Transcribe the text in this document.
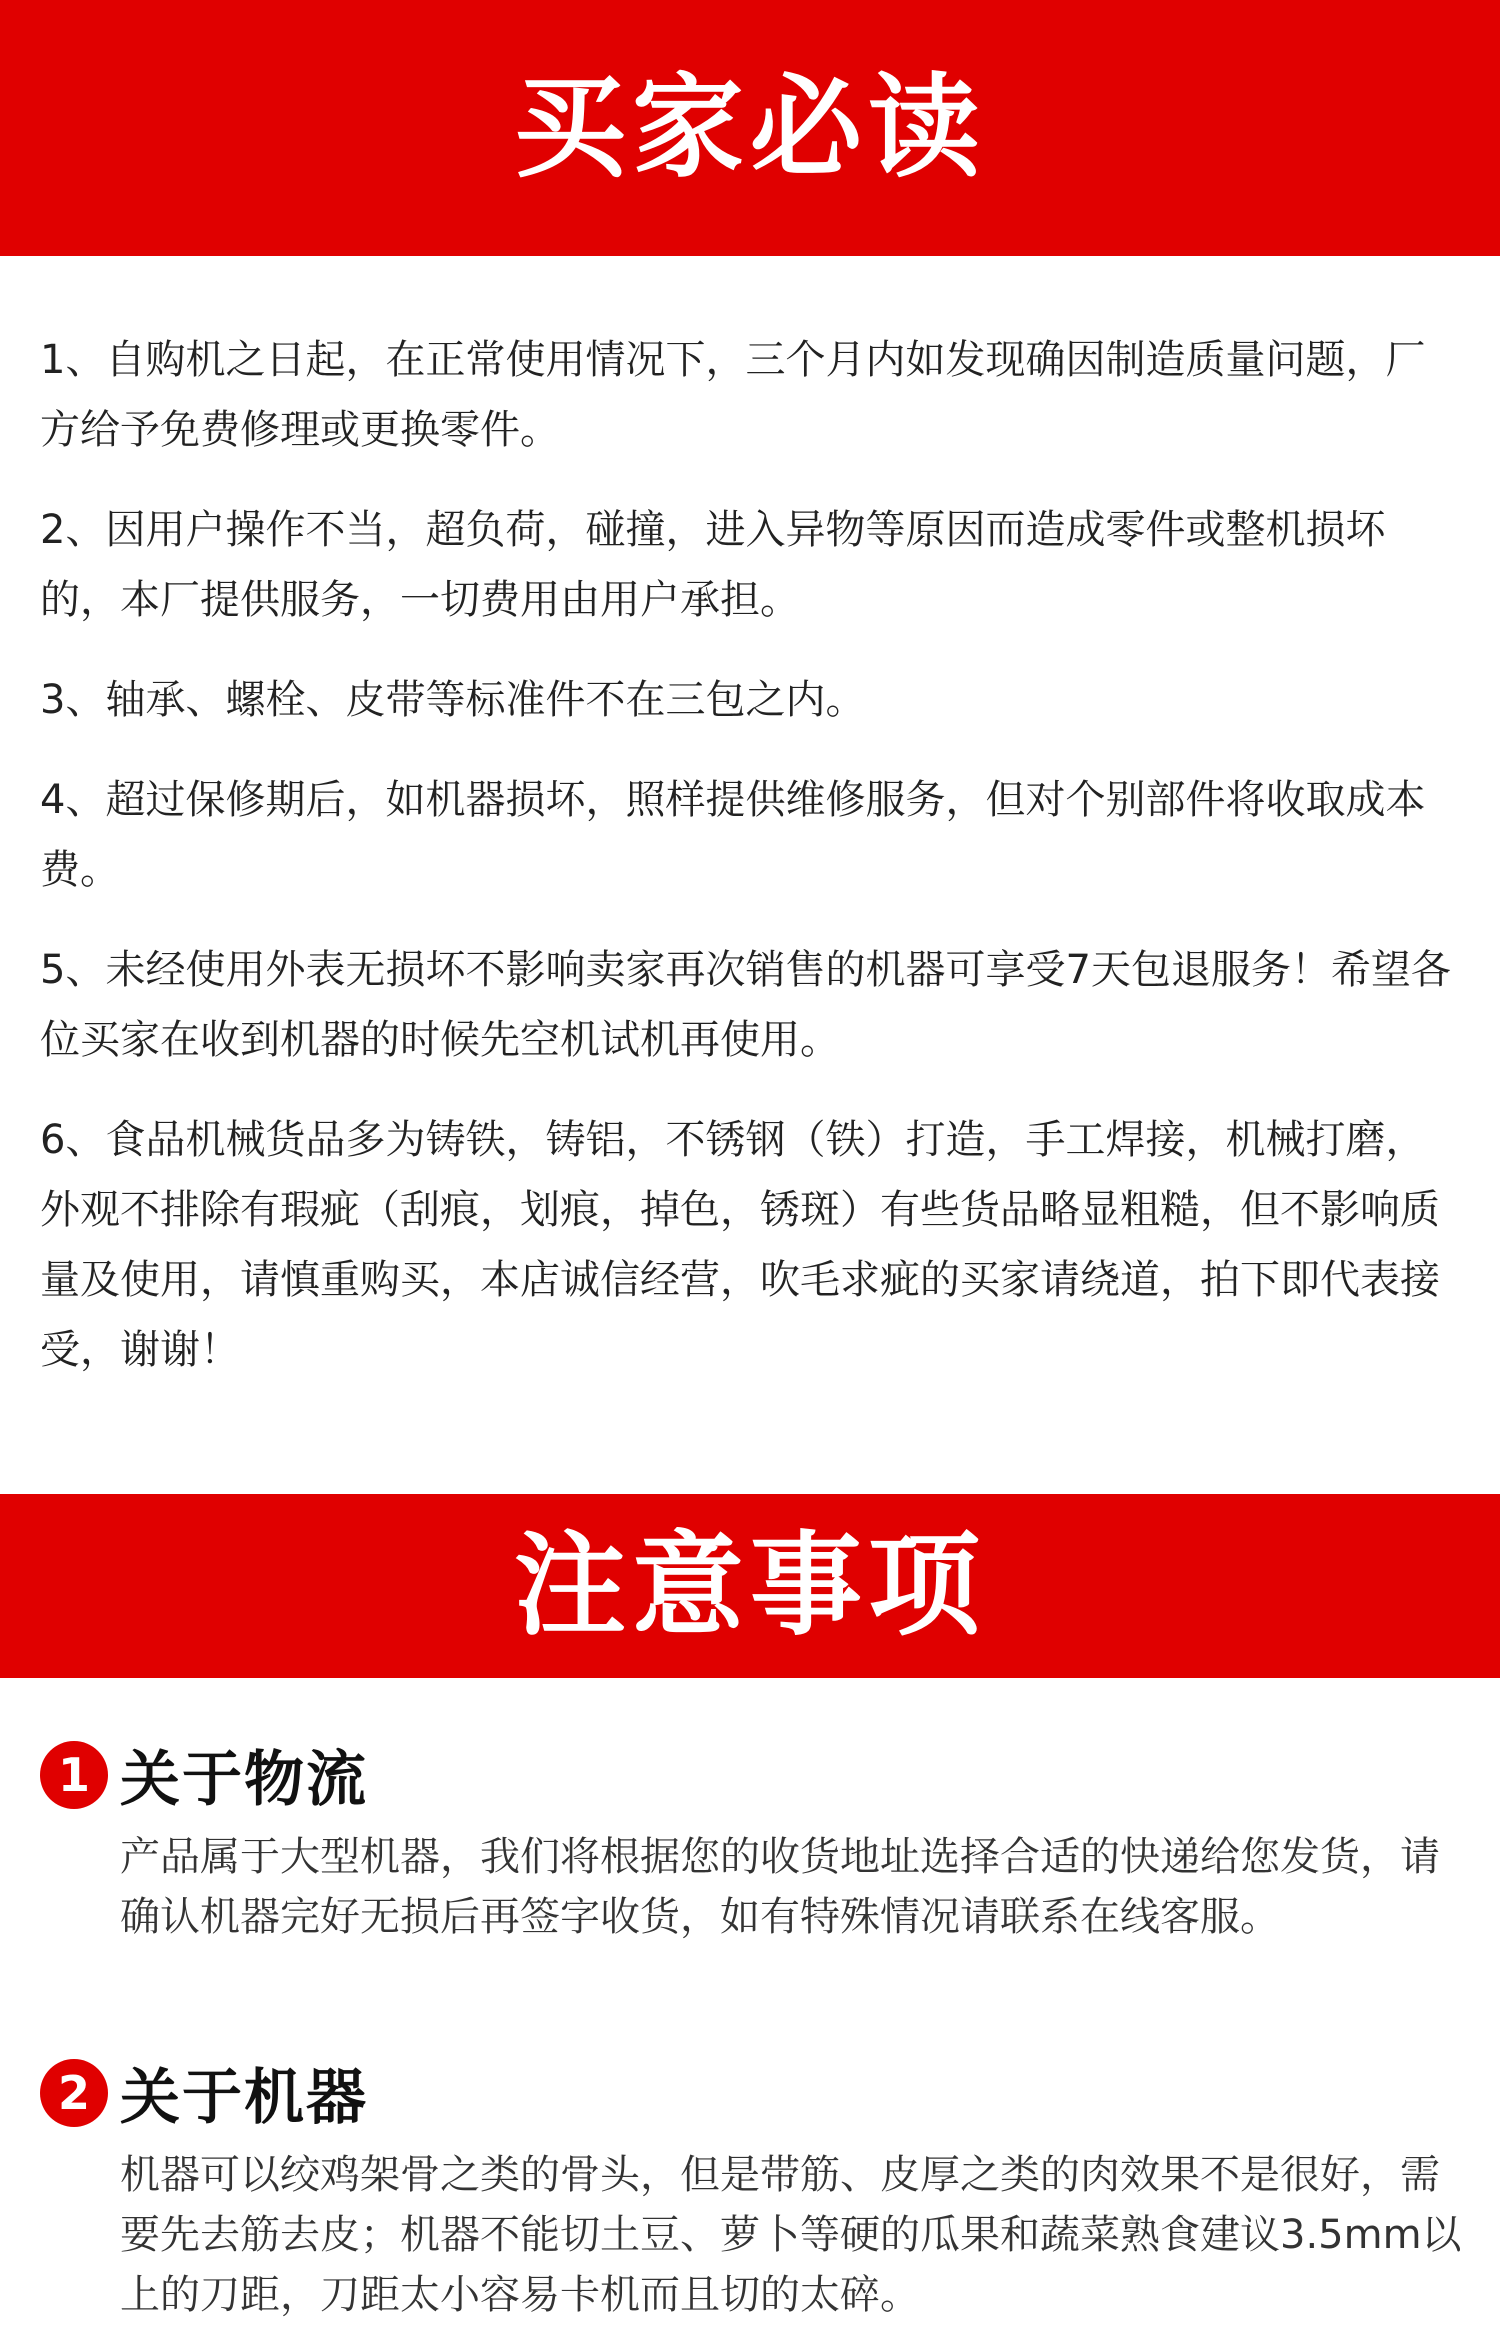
买家必读

1、自购机之日起，在正常使用情况下，三个月内如发现确因制造质量问题，厂方给予免费修理或更换零件。

2、因用户操作不当，超负荷，碰撞，进入异物等原因而造成零件或整机损坏的，本厂提供服务，一切费用由用户承担。

3、轴承、螺栓、皮带等标准件不在三包之内。

4、超过保修期后，如机器损坏，照样提供维修服务，但对个别部件将收取成本费。

5、未经使用外表无损坏不影响卖家再次销售的机器可享受7天包退服务！希望各位买家在收到机器的时候先空机试机再使用。

6、食品机械货品多为铸铁，铸铝，不锈钢（铁）打造，手工焊接，机械打磨，外观不排除有瑕疵（刮痕，划痕，掉色，锈斑）有些货品略显粗糙，但不影响质量及使用，请慎重购买，本店诚信经营，吹毛求疵的买家请绕道，拍下即代表接受，谢谢！

注意事项
1 关于物流
产品属于大型机器，我们将根据您的收货地址选择合适的快递给您发货，请确认机器完好无损后再签字收货，如有特殊情况请联系在线客服。
2 关于机器
机器可以绞鸡架骨之类的骨头，但是带筋、皮厚之类的肉效果不是很好，需要先去筋去皮；机器不能切土豆、萝卜等硬的瓜果和蔬菜熟食建议3.5mm以上的刀距，刀距太小容易卡机而且切的太碎。
